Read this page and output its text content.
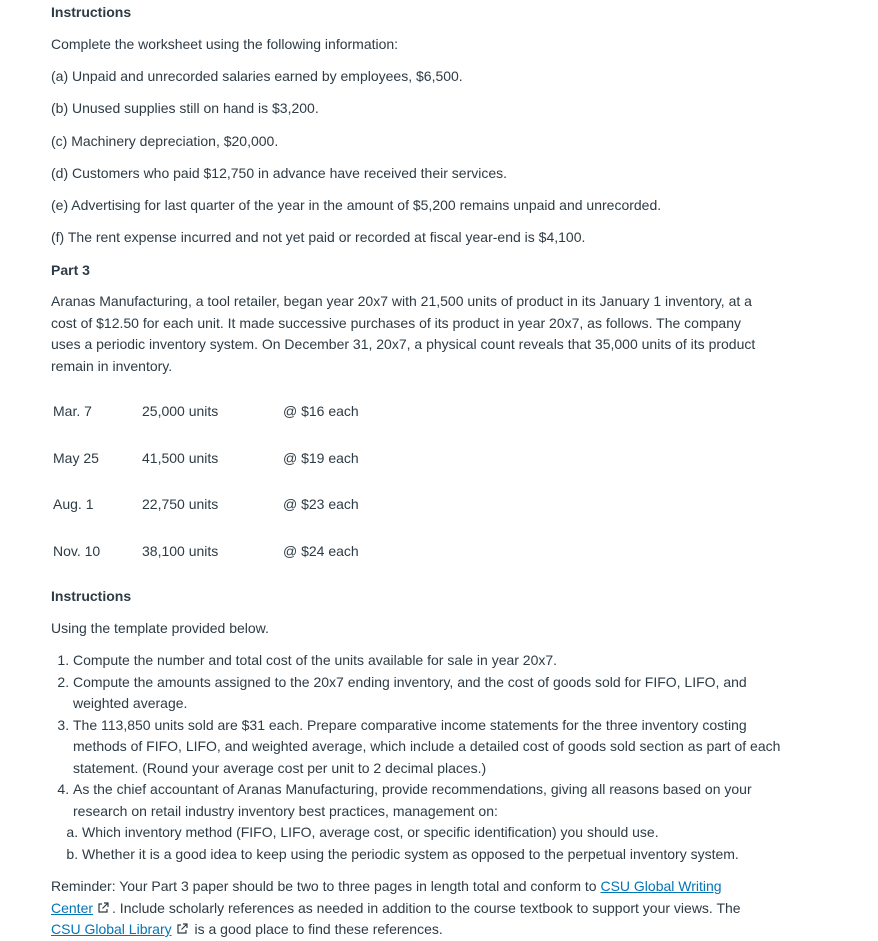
Instructions
Complete the worksheet using the following information:
(a) Unpaid and unrecorded salaries earned by employees, $6,500.
(b) Unused supplies still on hand is $3,200.
(c) Machinery depreciation, $20,000.
(d) Customers who paid $12,750 in advance have received their services.
(e) Advertising for last quarter of the year in the amount of $5,200 remains unpaid and unrecorded.
(f) The rent expense incurred and not yet paid or recorded at fiscal year-end is $4,100.
Part 3
Aranas Manufacturing, a tool retailer, began year 20x7 with 21,500 units of product in its January 1 inventory, at a cost of $12.50 for each unit. It made successive purchases of its product in year 20x7, as follows. The company uses a periodic inventory system. On December 31, 20x7, a physical count reveals that 35,000 units of its product remain in inventory.
Mar. 7	25,000 units	@ $16 each
May 25	41,500 units	@ $19 each
Aug. 1	22,750 units	@ $23 each
Nov. 10	38,100 units	@ $24 each
Instructions
Using the template provided below.
1. Compute the number and total cost of the units available for sale in year 20x7.
2. Compute the amounts assigned to the 20x7 ending inventory, and the cost of goods sold for FIFO, LIFO, and weighted average.
3. The 113,850 units sold are $31 each. Prepare comparative income statements for the three inventory costing methods of FIFO, LIFO, and weighted average, which include a detailed cost of goods sold section as part of each statement. (Round your average cost per unit to 2 decimal places.)
4. As the chief accountant of Aranas Manufacturing, provide recommendations, giving all reasons based on your research on retail industry inventory best practices, management on:
a. Which inventory method (FIFO, LIFO, average cost, or specific identification) you should use.
b. Whether it is a good idea to keep using the periodic system as opposed to the perpetual inventory system.
Reminder: Your Part 3 paper should be two to three pages in length total and conform to CSU Global Writing Center . Include scholarly references as needed in addition to the course textbook to support your views. The CSU Global Library is a good place to find these references.
